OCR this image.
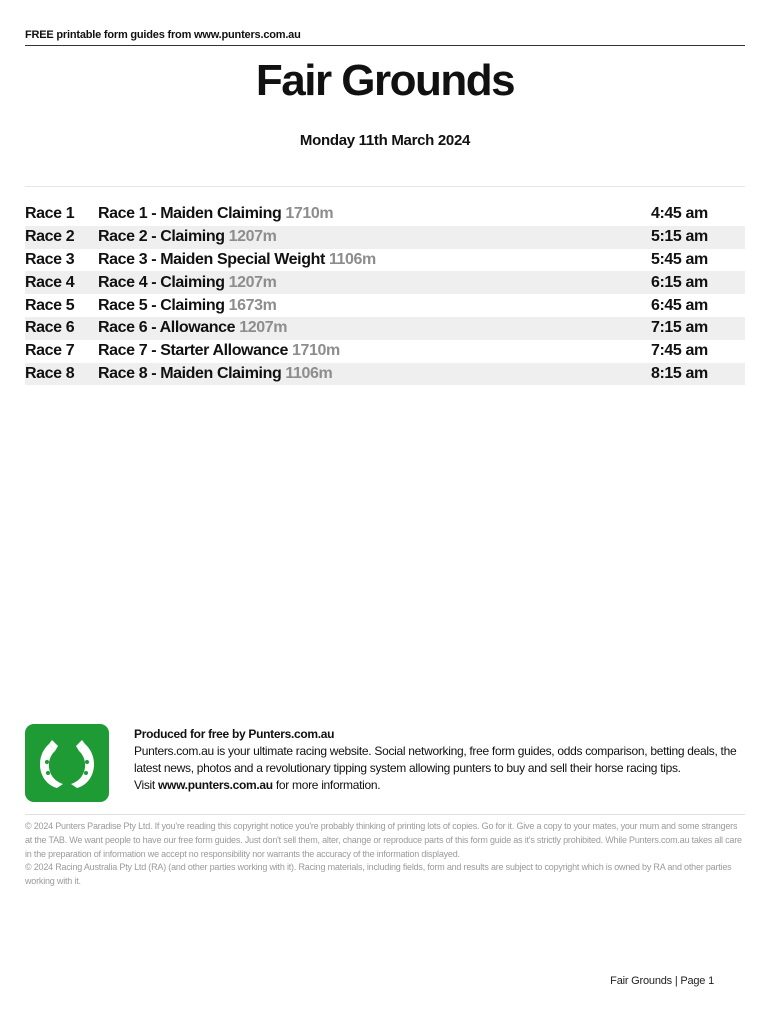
FREE printable form guides from www.punters.com.au
Fair Grounds
Monday 11th March 2024
Race 1	Race 1 - Maiden Claiming 1710m	4:45 am
Race 2	Race 2 - Claiming 1207m	5:15 am
Race 3	Race 3 - Maiden Special Weight 1106m	5:45 am
Race 4	Race 4 - Claiming 1207m	6:15 am
Race 5	Race 5 - Claiming 1673m	6:45 am
Race 6	Race 6 - Allowance 1207m	7:15 am
Race 7	Race 7 - Starter Allowance 1710m	7:45 am
Race 8	Race 8 - Maiden Claiming 1106m	8:15 am
Produced for free by Punters.com.au
Punters.com.au is your ultimate racing website. Social networking, free form guides, odds comparison, betting deals, the latest news, photos and a revolutionary tipping system allowing punters to buy and sell their horse racing tips.
Visit www.punters.com.au for more information.

© 2024 Punters Paradise Pty Ltd. If you're reading this copyright notice you're probably thinking of printing lots of copies. Go for it. Give a copy to your mates, your mum and some strangers at the TAB. We want people to have our free form guides. Just don't sell them, alter, change or reproduce parts of this form guide as it's strictly prohibited. While Punters.com.au takes all care in the preparation of information we accept no responsibility nor warrants the accuracy of the information displayed.

© 2024 Racing Australia Pty Ltd (RA) (and other parties working with it). Racing materials, including fields, form and results are subject to copyright which is owned by RA and other parties working with it.

Fair Grounds | Page 1
